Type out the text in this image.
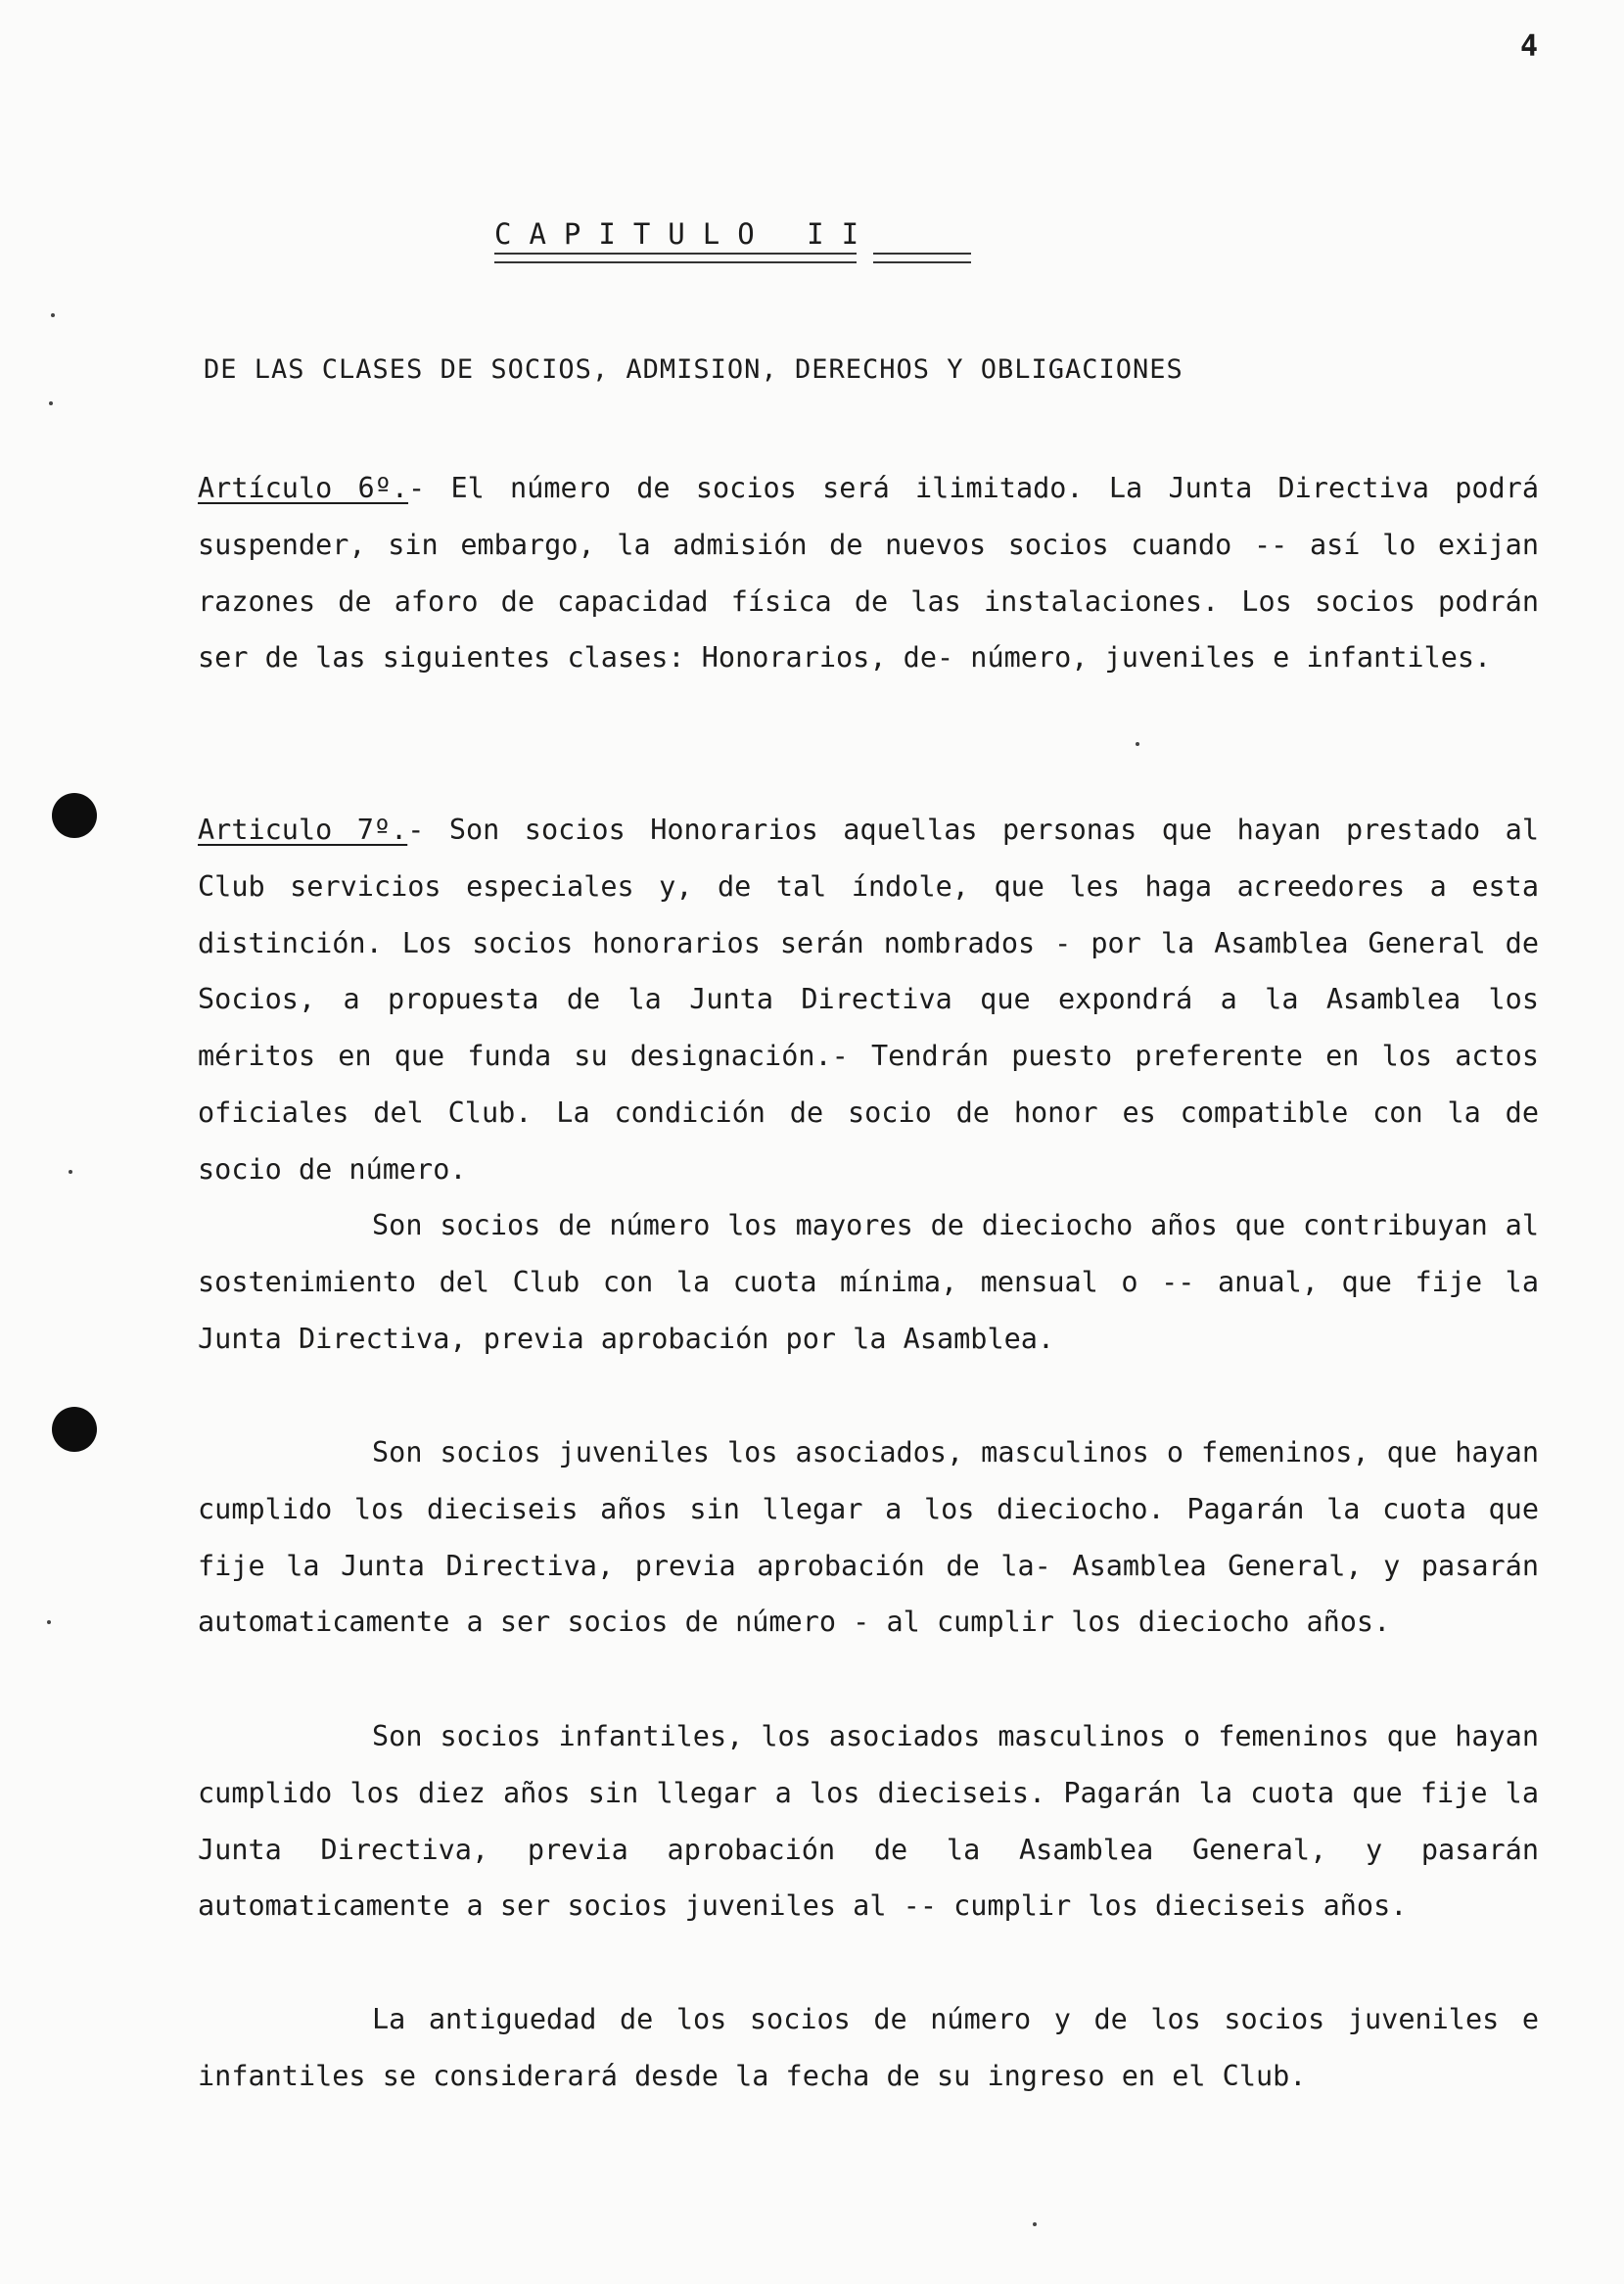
4
CAPITULO II
DE LAS CLASES DE SOCIOS, ADMISION, DERECHOS Y OBLIGACIONES

Artículo 6º.- El número de socios será ilimitado. La Junta Directiva podrá suspender, sin embargo, la admisión de nuevos socios cuando -- así lo exijan razones de aforo de capacidad física de las instalaciones. Los socios podrán ser de las siguientes clases: Honorarios, de- número, juveniles e infantiles.

Articulo 7º.- Son socios Honorarios aquellas personas que hayan prestado al Club servicios especiales y, de tal índole, que les haga acreedores a esta distinción. Los socios honorarios serán nombrados - por la Asamblea General de Socios, a propuesta de la Junta Directiva que expondrá a la Asamblea los méritos en que funda su designación.- Tendrán puesto preferente en los actos oficiales del Club. La condición de socio de honor es compatible con la de socio de número.

Son socios de número los mayores de dieciocho años que contribuyan al sostenimiento del Club con la cuota mínima, mensual o -- anual, que fije la Junta Directiva, previa aprobación por la Asamblea.

Son socios juveniles los asociados, masculinos o femeninos, que hayan cumplido los dieciseis años sin llegar a los dieciocho. Pagarán la cuota que fije la Junta Directiva, previa aprobación de la- Asamblea General, y pasarán automaticamente a ser socios de número - al cumplir los dieciocho años.

Son socios infantiles, los asociados masculinos o femeninos que hayan cumplido los diez años sin llegar a los dieciseis. Pagarán la cuota que fije la Junta Directiva, previa aprobación de la Asamblea General, y pasarán automaticamente a ser socios juveniles al -- cumplir los dieciseis años.

La antiguedad de los socios de número y de los socios juveniles e infantiles se considerará desde la fecha de su ingreso en el Club.
